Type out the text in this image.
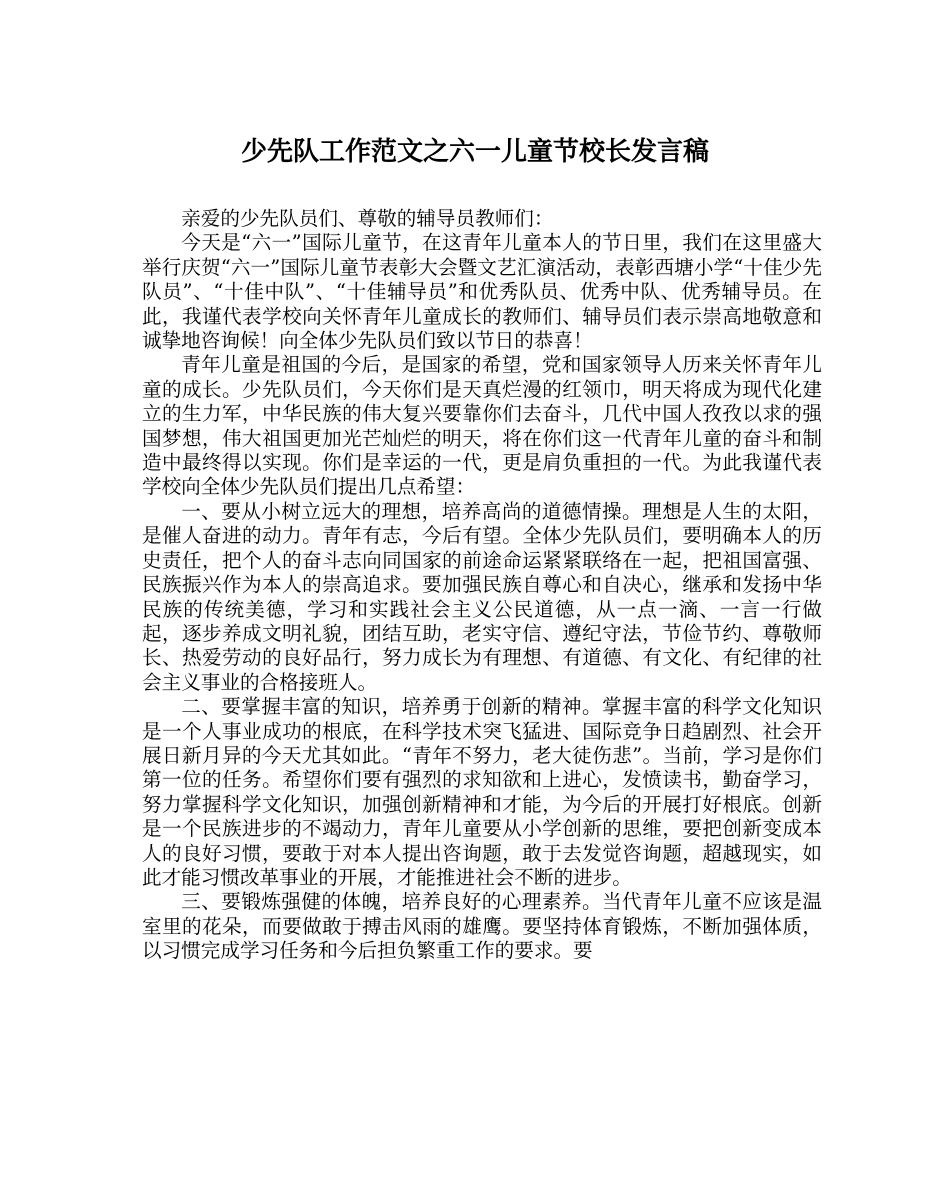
少先队工作范文之六一儿童节校长发言稿

亲爱的少先队员们、尊敬的辅导员教师们：

今天是“六一”国际儿童节，在这青年儿童本人的节日里，我们在这里盛大举行庆贺“六一”国际儿童节表彰大会暨文艺汇演活动，表彰西塘小学“十佳少先队员”、“十佳中队”、“十佳辅导员”和优秀队员、优秀中队、优秀辅导员。在此，我谨代表学校向关怀青年儿童成长的教师们、辅导员们表示崇高地敬意和诚挚地咨询候！向全体少先队员们致以节日的恭喜！

青年儿童是祖国的今后，是国家的希望，党和国家领导人历来关怀青年儿童的成长。少先队员们，今天你们是天真烂漫的红领巾，明天将成为现代化建立的生力军，中华民族的伟大复兴要靠你们去奋斗，几代中国人孜孜以求的强国梦想，伟大祖国更加光芒灿烂的明天，将在你们这一代青年儿童的奋斗和制造中最终得以实现。你们是幸运的一代，更是肩负重担的一代。为此我谨代表学校向全体少先队员们提出几点希望：

一、要从小树立远大的理想，培养高尚的道德情操。理想是人生的太阳，是催人奋进的动力。青年有志，今后有望。全体少先队员们，要明确本人的历史责任，把个人的奋斗志向同国家的前途命运紧紧联络在一起，把祖国富强、民族振兴作为本人的崇高追求。要加强民族自尊心和自决心，继承和发扬中华民族的传统美德，学习和实践社会主义公民道德，从一点一滴、一言一行做起，逐步养成文明礼貌，团结互助，老实守信、遵纪守法，节俭节约、尊敬师长、热爱劳动的良好品行，努力成长为有理想、有道德、有文化、有纪律的社会主义事业的合格接班人。

二、要掌握丰富的知识，培养勇于创新的精神。掌握丰富的科学文化知识是一个人事业成功的根底，在科学技术突飞猛进、国际竞争日趋剧烈、社会开展日新月异的今天尤其如此。“青年不努力，老大徒伤悲”。当前，学习是你们第一位的任务。希望你们要有强烈的求知欲和上进心，发愤读书，勤奋学习，努力掌握科学文化知识，加强创新精神和才能，为今后的开展打好根底。创新是一个民族进步的不竭动力，青年儿童要从小学创新的思维，要把创新变成本人的良好习惯，要敢于对本人提出咨询题，敢于去发觉咨询题，超越现实，如此才能习惯改革事业的开展，才能推进社会不断的进步。

三、要锻炼强健的体魄，培养良好的心理素养。当代青年儿童不应该是温室里的花朵，而要做敢于搏击风雨的雄鹰。要坚持体育锻炼，不断加强体质，以习惯完成学习任务和今后担负繁重工作的要求。要
